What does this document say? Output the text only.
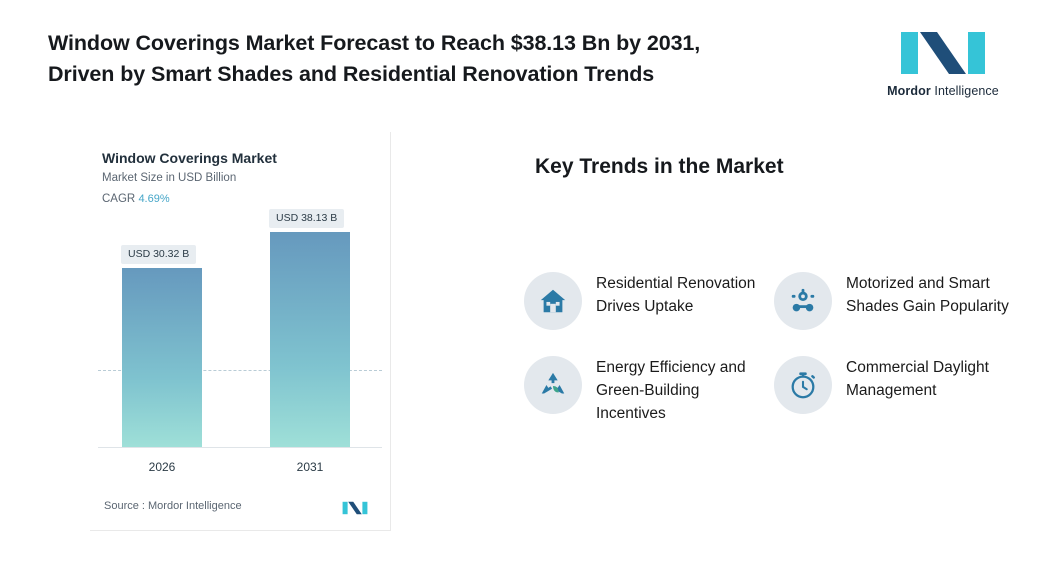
Window Coverings Market Forecast to Reach $38.13 Bn by 2031,
Driven by Smart Shades and Residential Renovation Trends
Mordor Intelligence
Window Coverings Market
Market Size in USD Billion
CAGR 4.69%
USD 30.32 B
USD 38.13 B
2026	2031
Source : Mordor Intelligence
Key Trends in the Market
Residential Renovation Drives Uptake
Motorized and Smart Shades Gain Popularity
Energy Efficiency and Green-Building Incentives
Commercial Daylight Management
